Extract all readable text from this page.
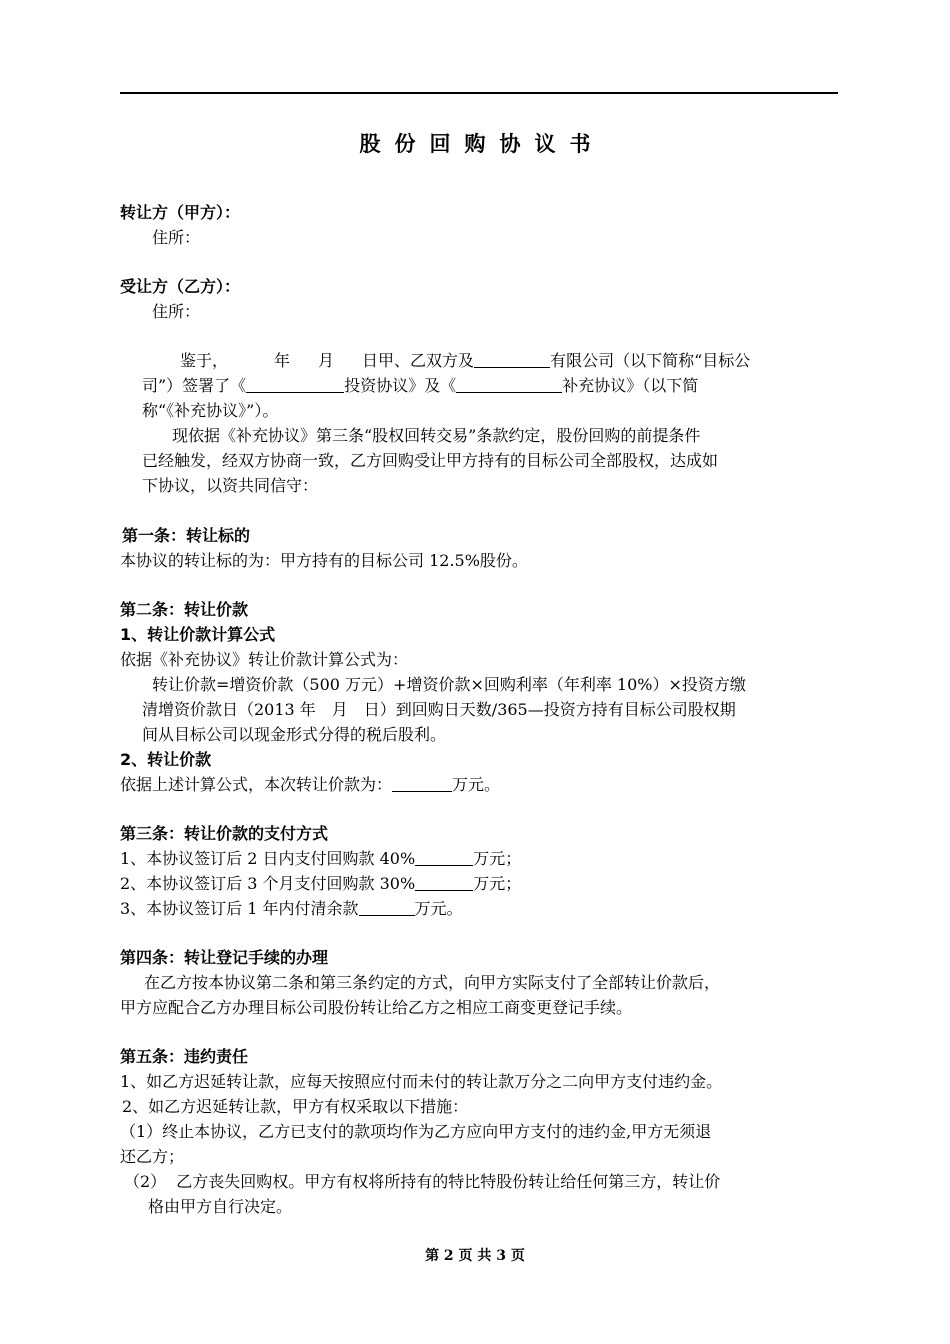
股份回购协议书
转让方（甲方）：
住所：
受让方（乙方）：
住所：
鉴于，	年 月 日甲、乙双方及	有限公司（以下简称“目标公
司”）签署了《	投资协议》及《	补充协议》（以下简
称“《补充协议》”）。
现依据《补充协议》第三条“股权回转交易”条款约定，股份回购的前提条件
已经触发，经双方协商一致，乙方回购受让甲方持有的目标公司全部股权，达成如
下协议，以资共同信守：
第一条：转让标的
本协议的转让标的为：甲方持有的目标公司 12.5%股份。
第二条：转让价款
1、转让价款计算公式
依据《补充协议》转让价款计算公式为：
转让价款=增资价款（500 万元）+增资价款×回购利率（年利率 10%）×投资方缴
清增资价款日（2013 年　月　日）到回购日天数/365—投资方持有目标公司股权期
间从目标公司以现金形式分得的税后股利。
2、转让价款
依据上述计算公式，本次转让价款为：	万元。
第三条：转让价款的支付方式
1、本协议签订后 2 日内支付回购款 40%	万元；
2、本协议签订后 3 个月支付回购款 30%	万元；
3、本协议签订后 1 年内付清余款	万元。
第四条：转让登记手续的办理
在乙方按本协议第二条和第三条约定的方式，向甲方实际支付了全部转让价款后，
甲方应配合乙方办理目标公司股份转让给乙方之相应工商变更登记手续。
第五条：违约责任
1、如乙方迟延转让款，应每天按照应付而未付的转让款万分之二向甲方支付违约金。
2、如乙方迟延转让款，甲方有权采取以下措施：
（1）终止本协议，乙方已支付的款项均作为乙方应向甲方支付的违约金,甲方无须退
还乙方；
（2） 乙方丧失回购权。甲方有权将所持有的特比特股份转让给任何第三方，转让价
格由甲方自行决定。
第 2 页 共 3 页
